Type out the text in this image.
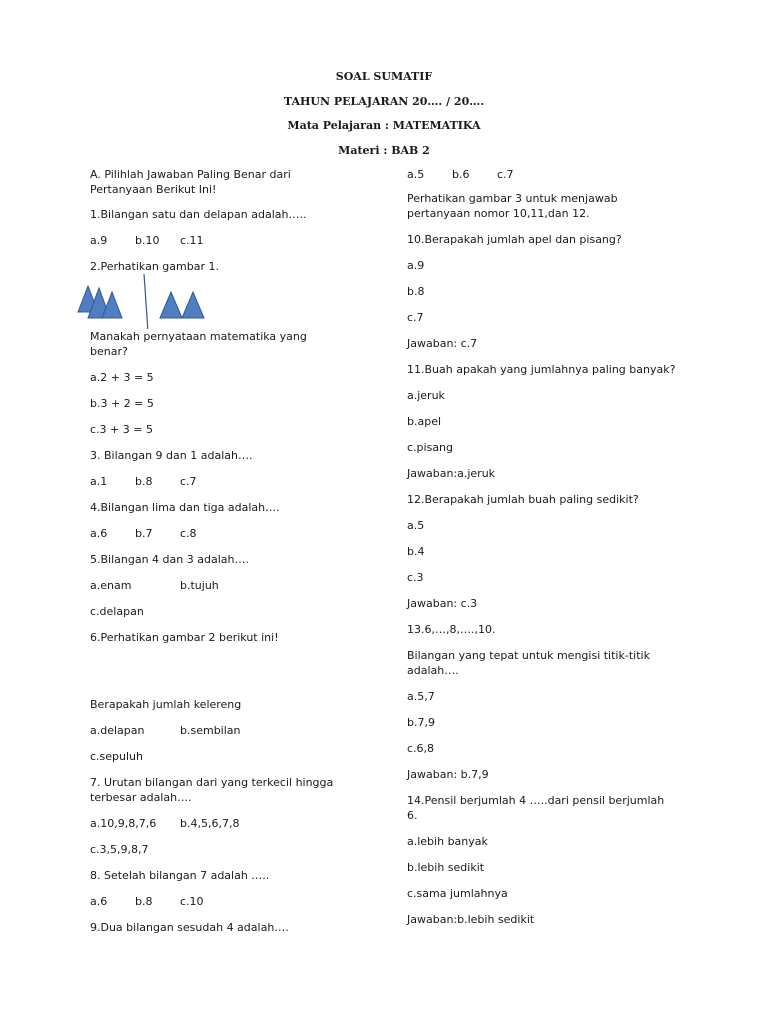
SOAL SUMATIF
TAHUN PELAJARAN 20…. / 20….
Mata Pelajaran : MATEMATIKA
Materi : BAB 2

A. Pilihlah Jawaban Paling Benar dari Pertanyaan Berikut Ini!

1.Bilangan satu dan delapan adalah…..

a.9	b.10	c.11

2.Perhatikan gambar 1.

Manakah pernyataan matematika yang benar?

a.2 + 3 = 5

b.3 + 2 = 5

c.3 + 3 = 5

3. Bilangan 9 dan 1 adalah….

a.1	b.8	c.7

4.Bilangan lima dan tiga adalah….

a.6	b.7	c.8

5.Bilangan 4 dan 3 adalah….

a.enam	b.tujuh

c.delapan

6.Perhatikan gambar 2 berikut ini!

Berapakah jumlah kelereng

a.delapan	b.sembilan

c.sepuluh

7. Urutan bilangan dari yang terkecil hingga terbesar adalah….

a.10,9,8,7,6	b.4,5,6,7,8

c.3,5,9,8,7

8. Setelah bilangan 7 adalah …..

a.6	b.8	c.10

9.Dua bilangan sesudah 4 adalah….

a.5	b.6	c.7

Perhatikan gambar 3 untuk menjawab pertanyaan nomor 10,11,dan 12.

10.Berapakah jumlah apel dan pisang?

a.9

b.8

c.7

Jawaban: c.7

11.Buah apakah yang jumlahnya paling banyak?

a.jeruk

b.apel

c.pisang

Jawaban:a.jeruk

12.Berapakah jumlah buah paling sedikit?

a.5

b.4

c.3

Jawaban: c.3

13.6,…,8,….,10.

Bilangan yang tepat untuk mengisi titik-titik adalah….

a.5,7

b.7,9

c.6,8

Jawaban: b.7,9

14.Pensil berjumlah 4 …..dari pensil berjumlah 6.

a.lebih banyak

b.lebih sedikit

c.sama jumlahnya

Jawaban:b.lebih sedikit
